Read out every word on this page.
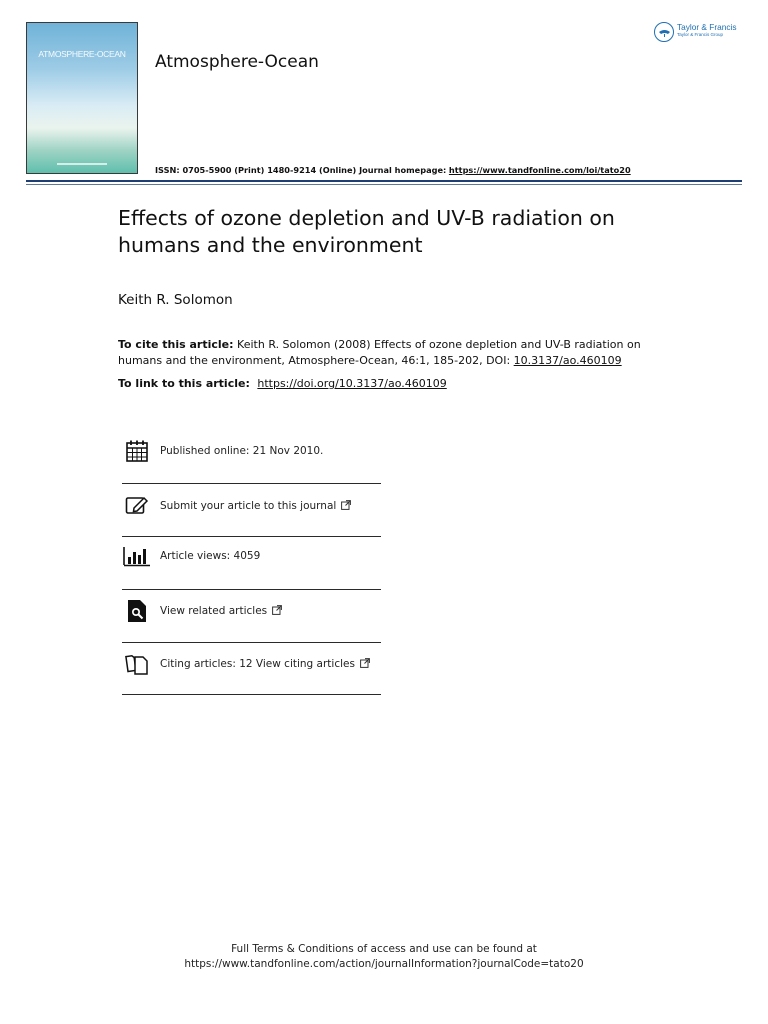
ATMOSPHERE-OCEAN	Atmosphere-Ocean
ISSN: 0705-5900 (Print) 1480-9214 (Online) Journal homepage: https://www.tandfonline.com/loi/tato20
Taylor & Francis
Taylor & Francis Group
Effects of ozone depletion and UV-B radiation on humans and the environment
Keith R. Solomon
To cite this article: Keith R. Solomon (2008) Effects of ozone depletion and UV-B radiation on humans and the environment, Atmosphere-Ocean, 46:1, 185-202, DOI: 10.3137/ao.460109
To link to this article: https://doi.org/10.3137/ao.460109
Published online: 21 Nov 2010.
Submit your article to this journal
Article views: 4059
View related articles
Citing articles: 12 View citing articles
Full Terms & Conditions of access and use can be found at
https://www.tandfonline.com/action/journalInformation?journalCode=tato20
